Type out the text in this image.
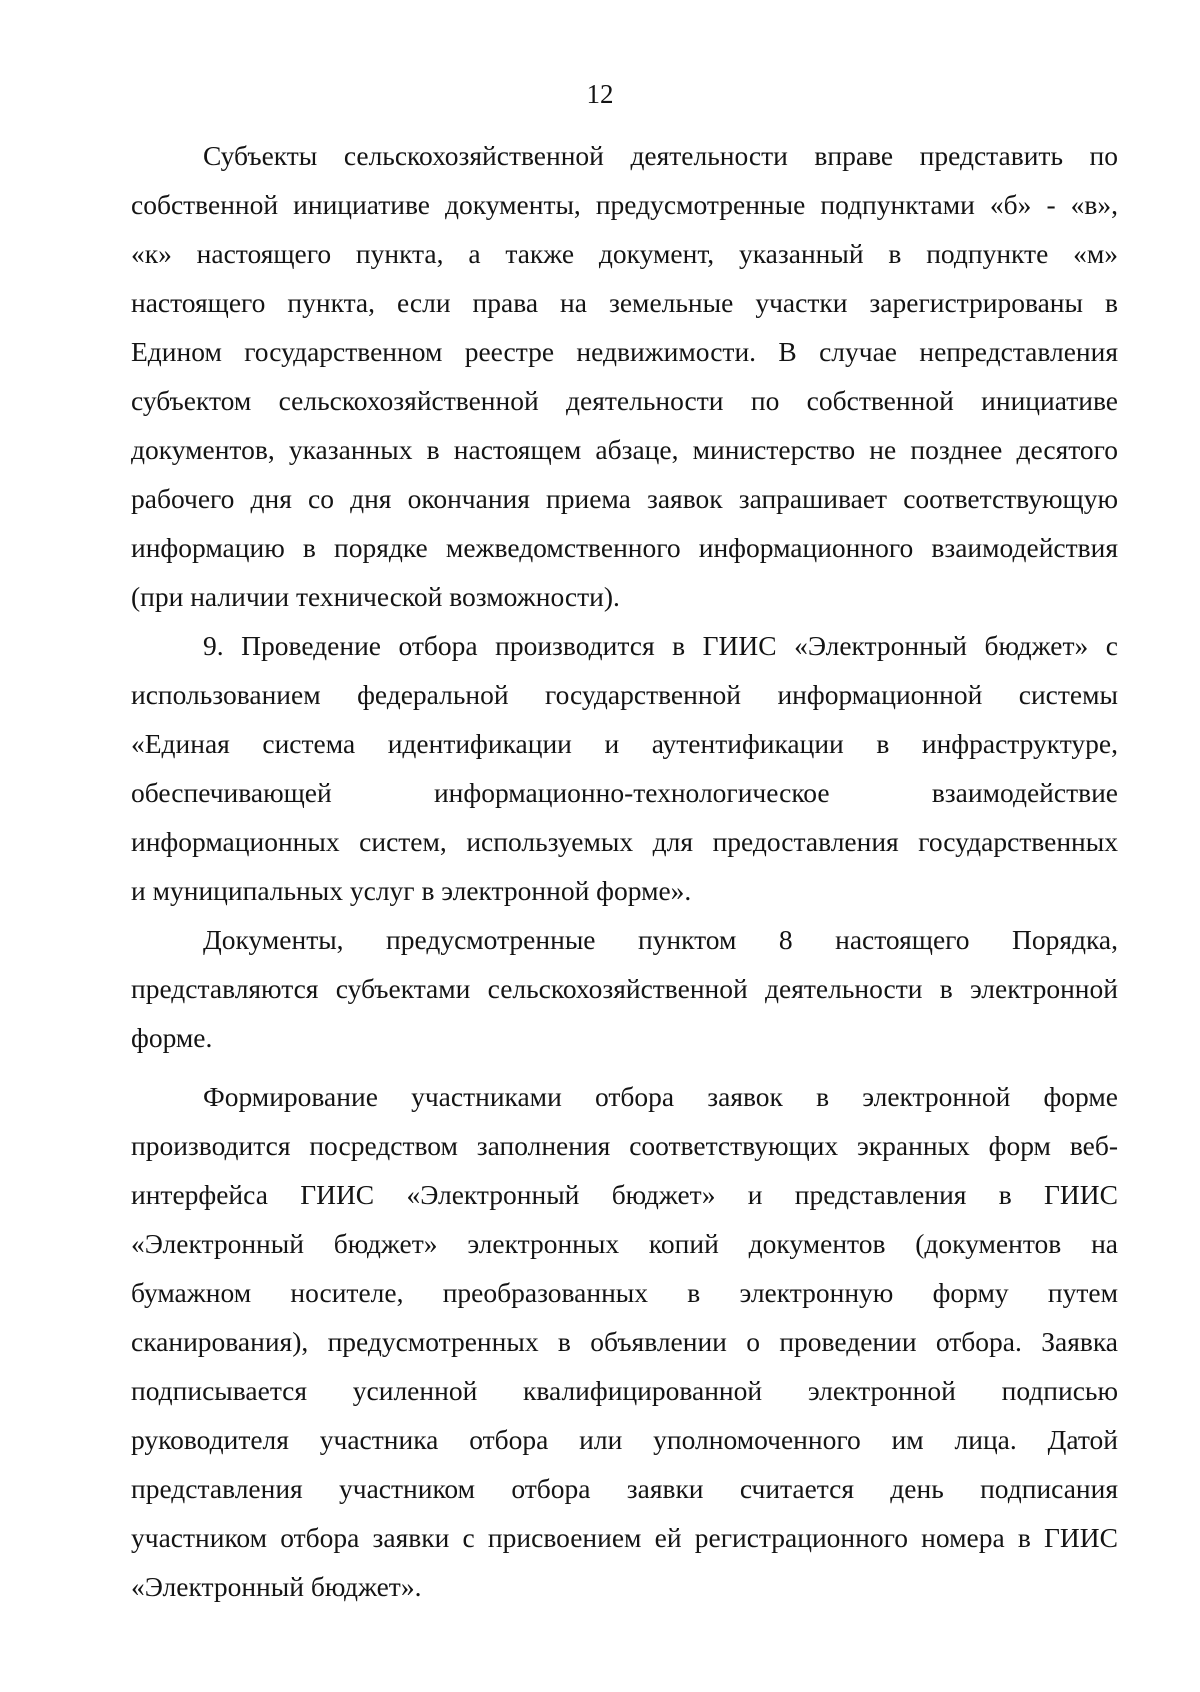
12

Субъекты сельскохозяйственной деятельности вправе представить по
собственной инициативе документы, предусмотренные подпунктами «б» - «в»,
«к» настоящего пункта, а также документ, указанный в подпункте «м»
настоящего пункта, если права на земельные участки зарегистрированы в
Едином государственном реестре недвижимости. В случае непредставления
субъектом сельскохозяйственной деятельности по собственной инициативе
документов, указанных в настоящем абзаце, министерство не позднее десятого
рабочего дня со дня окончания приема заявок запрашивает соответствующую
информацию в порядке межведомственного информационного взаимодействия
(при наличии технической возможности).

9. Проведение отбора производится в ГИИС «Электронный бюджет» с
использованием федеральной государственной информационной системы
«Единая система идентификации и аутентификации в инфраструктуре,
обеспечивающей информационно-технологическое взаимодействие
информационных систем, используемых для предоставления государственных
и муниципальных услуг в электронной форме».

Документы, предусмотренные пунктом 8 настоящего Порядка,
представляются субъектами сельскохозяйственной деятельности в электронной
форме.

Формирование участниками отбора заявок в электронной форме
производится посредством заполнения соответствующих экранных форм веб-
интерфейса ГИИС «Электронный бюджет» и представления в ГИИС
«Электронный бюджет» электронных копий документов (документов на
бумажном носителе, преобразованных в электронную форму путем
сканирования), предусмотренных в объявлении о проведении отбора. Заявка
подписывается усиленной квалифицированной электронной подписью
руководителя участника отбора или уполномоченного им лица. Датой
представления участником отбора заявки считается день подписания
участником отбора заявки с присвоением ей регистрационного номера в ГИИС
«Электронный бюджет».
